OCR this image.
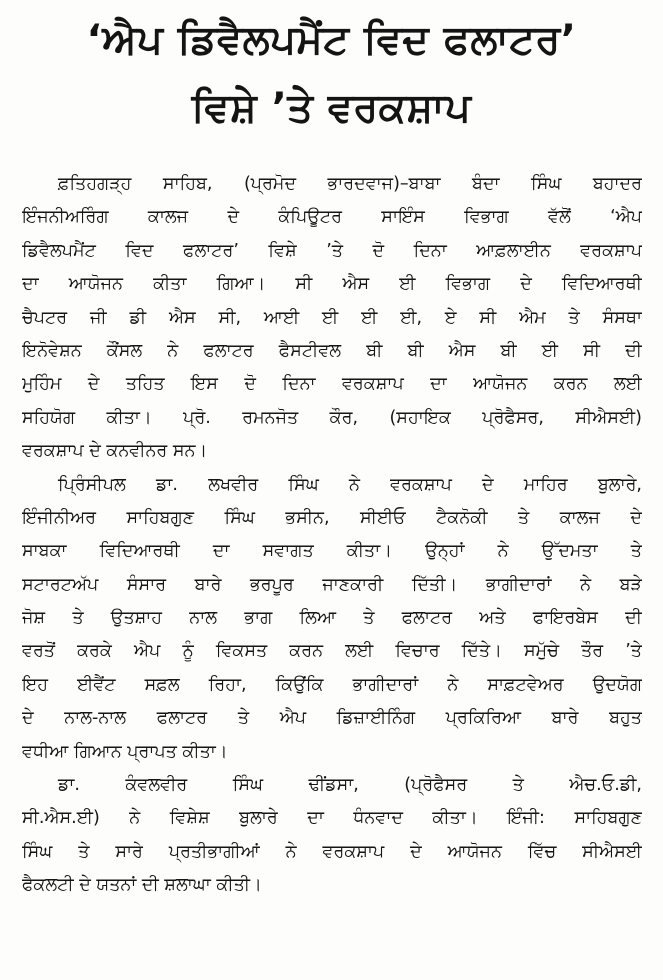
‘ਐਪ ਡਿਵੈਲਪਮੈਂਟ ਵਿਦ ਫਲਾਟਰ’
ਵਿਸ਼ੇ ’ਤੇ ਵਰਕਸ਼ਾਪ
ਫ਼ਤਿਹਗੜ੍ਹ ਸਾਹਿਬ, (ਪ੍ਰਮੋਦ ਭਾਰਦਵਾਜ)–ਬਾਬਾ ਬੰਦਾ ਸਿੰਘ ਬਹਾਦਰ
ਇੰਜਨੀਅਰਿੰਗ ਕਾਲਜ ਦੇ ਕੰਪਿਊਟਰ ਸਾਇੰਸ ਵਿਭਾਗ ਵੱਲੋਂ ‘ਐਪ
ਡਿਵੈਲਪਮੈਂਟ ਵਿਦ ਫਲਾਟਰ’ ਵਿਸ਼ੇ ’ਤੇ ਦੋ ਦਿਨਾ ਆਫ਼ਲਾਈਨ ਵਰਕਸ਼ਾਪ
ਦਾ ਆਯੋਜਨ ਕੀਤਾ ਗਿਆ। ਸੀ ਐਸ ਈ ਵਿਭਾਗ ਦੇ ਵਿਦਿਆਰਥੀ
ਚੈਪਟਰ ਜੀ ਡੀ ਐਸ ਸੀ, ਆਈ ਈ ਈ ਈ, ਏ ਸੀ ਐਮ ਤੇ ਸੰਸਥਾ
ਇਨੋਵੇਸ਼ਨ ਕੌਂਸਲ ਨੇ ਫਲਾਟਰ ਫੈਸਟੀਵਲ ਬੀ ਬੀ ਐਸ ਬੀ ਈ ਸੀ ਦੀ
ਮੁਹਿੰਮ ਦੇ ਤਹਿਤ ਇਸ ਦੋ ਦਿਨਾ ਵਰਕਸ਼ਾਪ ਦਾ ਆਯੋਜਨ ਕਰਨ ਲਈ
ਸਹਿਯੋਗ ਕੀਤਾ। ਪ੍ਰੋ. ਰਮਨਜੋਤ ਕੌਰ, (ਸਹਾਇਕ ਪ੍ਰੋਫੈਸਰ, ਸੀਐਸਈ)
ਵਰਕਸ਼ਾਪ ਦੇ ਕਨਵੀਨਰ ਸਨ।
ਪ੍ਰਿੰਸੀਪਲ ਡਾ. ਲਖਵੀਰ ਸਿੰਘ ਨੇ ਵਰਕਸ਼ਾਪ ਦੇ ਮਾਹਿਰ ਬੁਲਾਰੇ,
ਇੰਜੀਨੀਅਰ ਸਾਹਿਬਗੁਣ ਸਿੰਘ ਭਸੀਨ, ਸੀਈਓ ਟੈਕਨੋਕੀ ਤੇ ਕਾਲਜ ਦੇ
ਸਾਬਕਾ ਵਿਦਿਆਰਥੀ ਦਾ ਸਵਾਗਤ ਕੀਤਾ। ਉਨ੍ਹਾਂ ਨੇ ਉੱਦਮਤਾ ਤੇ
ਸਟਾਰਟਅੱਪ ਸੰਸਾਰ ਬਾਰੇ ਭਰਪੂਰ ਜਾਣਕਾਰੀ ਦਿੱਤੀ। ਭਾਗੀਦਾਰਾਂ ਨੇ ਬੜੇ
ਜੋਸ਼ ਤੇ ਉਤਸ਼ਾਹ ਨਾਲ ਭਾਗ ਲਿਆ ਤੇ ਫਲਾਟਰ ਅਤੇ ਫਾਇਰਬੇਸ ਦੀ
ਵਰਤੋਂ ਕਰਕੇ ਐਪ ਨੂੰ ਵਿਕਸਤ ਕਰਨ ਲਈ ਵਿਚਾਰ ਦਿੱਤੇ। ਸਮੁੱਚੇ ਤੌਰ ’ਤੇ
ਇਹ ਈਵੈਂਟ ਸਫ਼ਲ ਰਿਹਾ, ਕਿਉਂਕਿ ਭਾਗੀਦਾਰਾਂ ਨੇ ਸਾਫ਼ਟਵੇਅਰ ਉਦਯੋਗ
ਦੇ ਨਾਲ-ਨਾਲ ਫਲਾਟਰ ਤੇ ਐਪ ਡਿਜ਼ਾਈਨਿੰਗ ਪ੍ਰਕਿਰਿਆ ਬਾਰੇ ਬਹੁਤ
ਵਧੀਆ ਗਿਆਨ ਪ੍ਰਾਪਤ ਕੀਤਾ।
ਡਾ. ਕੰਵਲਵੀਰ ਸਿੰਘ ਢੀਂਡਸਾ, (ਪ੍ਰੋਫੈਸਰ ਤੇ ਐਚ.ਓ.ਡੀ,
ਸੀ.ਐਸ.ਈ) ਨੇ ਵਿਸ਼ੇਸ਼ ਬੁਲਾਰੇ ਦਾ ਧੰਨਵਾਦ ਕੀਤਾ। ਇੰਜੀ: ਸਾਹਿਬਗੁਣ
ਸਿੰਘ ਤੇ ਸਾਰੇ ਪ੍ਰਤੀਭਾਗੀਆਂ ਨੇ ਵਰਕਸ਼ਾਪ ਦੇ ਆਯੋਜਨ ਵਿੱਚ ਸੀਐਸਈ
ਫੈਕਲਟੀ ਦੇ ਯਤਨਾਂ ਦੀ ਸ਼ਲਾਘਾ ਕੀਤੀ।
